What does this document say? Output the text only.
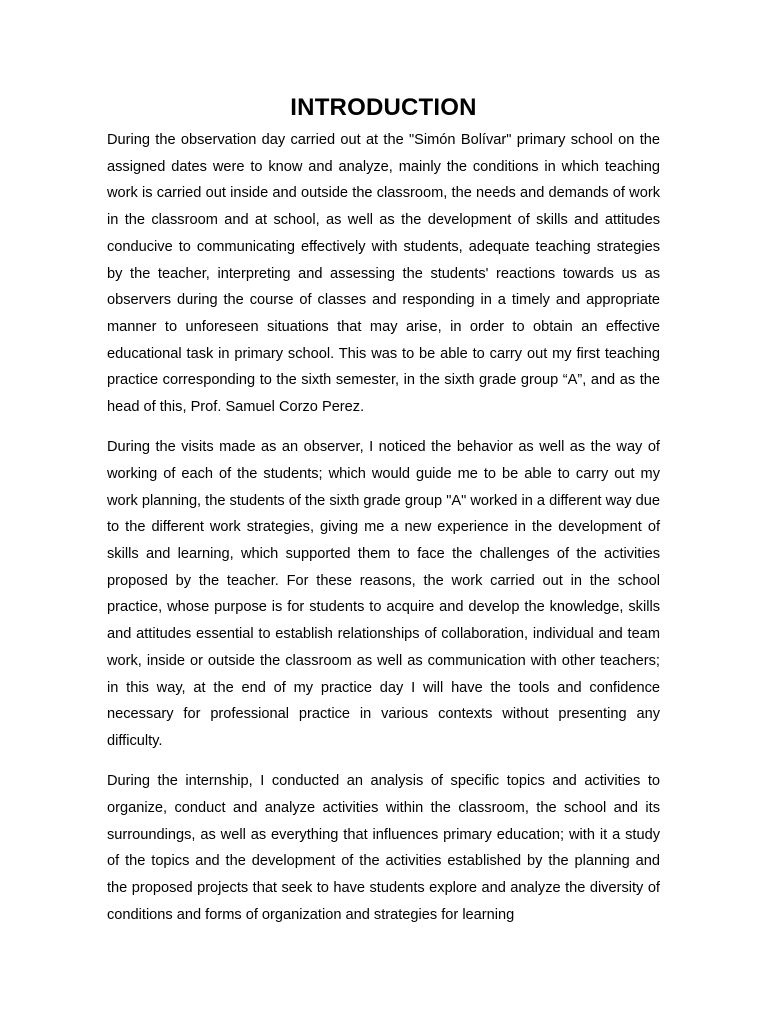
INTRODUCTION

During the observation day carried out at the "Simón Bolívar" primary school on the assigned dates were to know and analyze, mainly the conditions in which teaching work is carried out inside and outside the classroom, the needs and demands of work in the classroom and at school, as well as the development of skills and attitudes conducive to communicating effectively with students, adequate teaching strategies by the teacher, interpreting and assessing the students' reactions towards us as observers during the course of classes and responding in a timely and appropriate manner to unforeseen situations that may arise, in order to obtain an effective educational task in primary school. This was to be able to carry out my first teaching practice corresponding to the sixth semester, in the sixth grade group “A”, and as the head of this, Prof. Samuel Corzo Perez.

During the visits made as an observer, I noticed the behavior as well as the way of working of each of the students; which would guide me to be able to carry out my work planning, the students of the sixth grade group "A" worked in a different way due to the different work strategies, giving me a new experience in the development of skills and learning, which supported them to face the challenges of the activities proposed by the teacher. For these reasons, the work carried out in the school practice, whose purpose is for students to acquire and develop the knowledge, skills and attitudes essential to establish relationships of collaboration, individual and team work, inside or outside the classroom as well as communication with other teachers; in this way, at the end of my practice day I will have the tools and confidence necessary for professional practice in various contexts without presenting any difficulty.

During the internship, I conducted an analysis of specific topics and activities to organize, conduct and analyze activities within the classroom, the school and its surroundings, as well as everything that influences primary education; with it a study of the topics and the development of the activities established by the planning and the proposed projects that seek to have students explore and analyze the diversity of conditions and forms of organization and strategies for learning
